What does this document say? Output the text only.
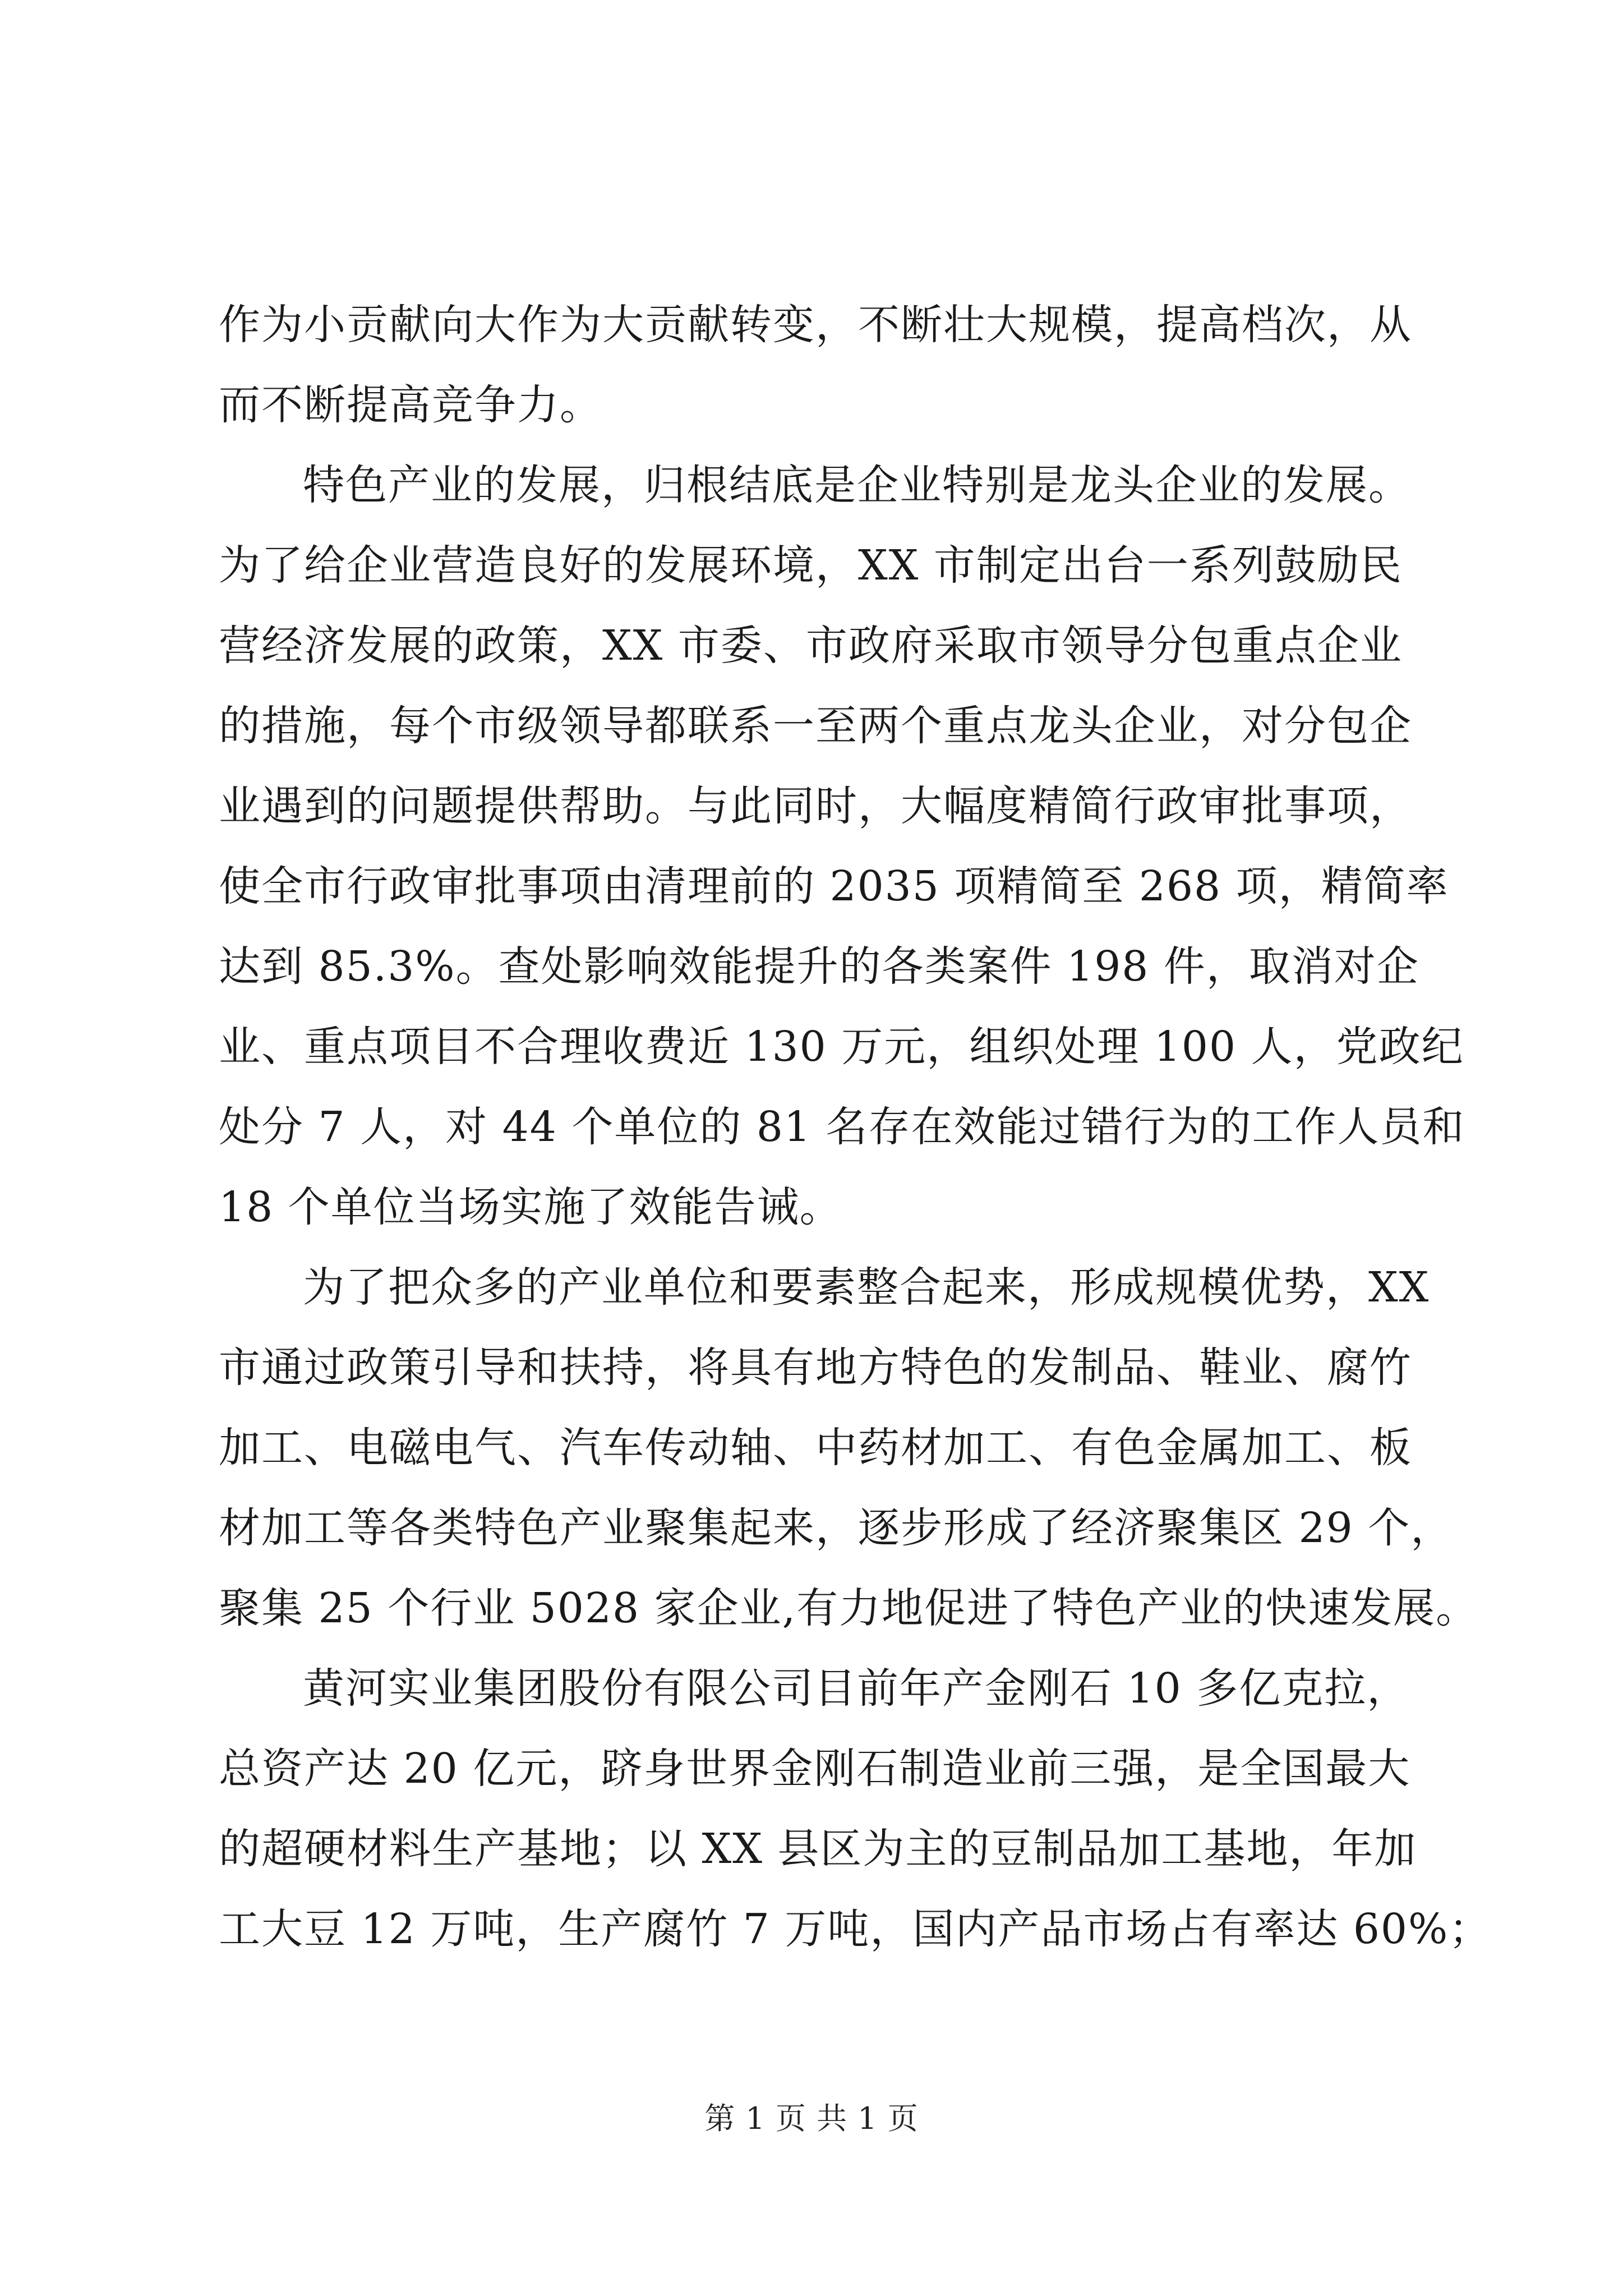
作为小贡献向大作为大贡献转变，不断壮大规模，提高档次，从
而不断提高竞争力。
特色产业的发展，归根结底是企业特别是龙头企业的发展。
为了给企业营造良好的发展环境，XX 市制定出台一系列鼓励民
营经济发展的政策，XX 市委、市政府采取市领导分包重点企业
的措施，每个市级领导都联系一至两个重点龙头企业，对分包企
业遇到的问题提供帮助。与此同时，大幅度精简行政审批事项，
使全市行政审批事项由清理前的 2035 项精简至 268 项，精简率
达到 85.3%。查处影响效能提升的各类案件 198 件，取消对企
业、重点项目不合理收费近 130 万元，组织处理 100 人，党政纪
处分 7 人，对 44 个单位的 81 名存在效能过错行为的工作人员和
18 个单位当场实施了效能告诫。
为了把众多的产业单位和要素整合起来，形成规模优势，XX
市通过政策引导和扶持，将具有地方特色的发制品、鞋业、腐竹
加工、电磁电气、汽车传动轴、中药材加工、有色金属加工、板
材加工等各类特色产业聚集起来，逐步形成了经济聚集区 29 个，
聚集 25 个行业 5028 家企业,有力地促进了特色产业的快速发展。
黄河实业集团股份有限公司目前年产金刚石 10 多亿克拉，
总资产达 20 亿元，跻身世界金刚石制造业前三强，是全国最大
的超硬材料生产基地；以 XX 县区为主的豆制品加工基地，年加
工大豆 12 万吨，生产腐竹 7 万吨，国内产品市场占有率达 60%；
第 1 页 共 1 页
